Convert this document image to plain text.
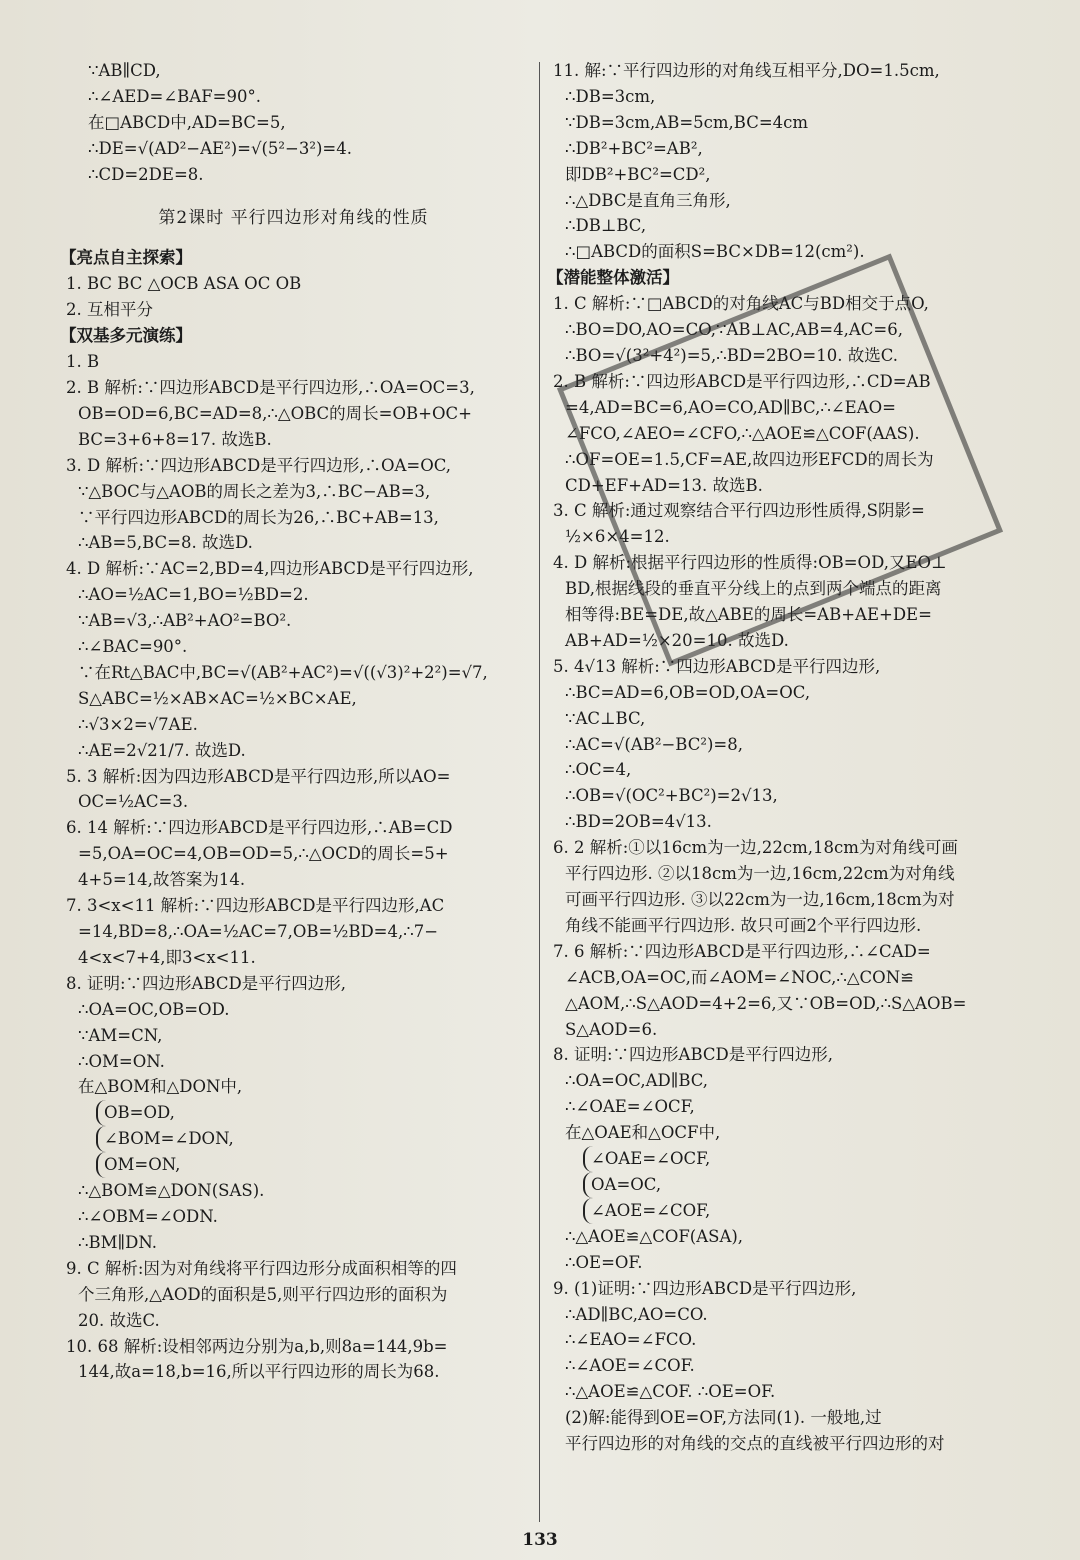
∵AB∥CD,
∴∠AED=∠BAF=90°.
在□ABCD中,AD=BC=5,
∴DE=√(AD²−AE²)=√(5²−3²)=4.
∴CD=2DE=8.
第2课时 平行四边形对角线的性质
【亮点自主探索】
1. BC BC △OCB ASA OC OB
2. 互相平分
【双基多元演练】
1. B
2. B 解析:∵四边形ABCD是平行四边形,∴OA=OC=3,
OB=OD=6,BC=AD=8,∴△OBC的周长=OB+OC+
BC=3+6+8=17. 故选B.
3. D 解析:∵四边形ABCD是平行四边形,∴OA=OC,
∵△BOC与△AOB的周长之差为3,∴BC−AB=3,
∵平行四边形ABCD的周长为26,∴BC+AB=13,
∴AB=5,BC=8. 故选D.
4. D 解析:∵AC=2,BD=4,四边形ABCD是平行四边形,
∴AO=½AC=1,BO=½BD=2.
∵AB=√3,∴AB²+AO²=BO².
∴∠BAC=90°.
∵在Rt△BAC中,BC=√(AB²+AC²)=√((√3)²+2²)=√7,
S△ABC=½×AB×AC=½×BC×AE,
∴√3×2=√7AE.
∴AE=2√21/7. 故选D.
5. 3 解析:因为四边形ABCD是平行四边形,所以AO=
OC=½AC=3.
6. 14 解析:∵四边形ABCD是平行四边形,∴AB=CD
=5,OA=OC=4,OB=OD=5,∴△OCD的周长=5+
4+5=14,故答案为14.
7. 3<x<11 解析:∵四边形ABCD是平行四边形,AC
=14,BD=8,∴OA=½AC=7,OB=½BD=4,∴7−
4<x<7+4,即3<x<11.
8. 证明:∵四边形ABCD是平行四边形,
∴OA=OC,OB=OD.
∵AM=CN,
∴OM=ON.
在△BOM和△DON中,
OB=OD,
∠BOM=∠DON,
OM=ON,
∴△BOM≌△DON(SAS).
∴∠OBM=∠ODN.
∴BM∥DN.
9. C 解析:因为对角线将平行四边形分成面积相等的四
个三角形,△AOD的面积是5,则平行四边形的面积为
20. 故选C.
10. 68 解析:设相邻两边分别为a,b,则8a=144,9b=
144,故a=18,b=16,所以平行四边形的周长为68.
11. 解:∵平行四边形的对角线互相平分,DO=1.5cm,
∴DB=3cm,
∵DB=3cm,AB=5cm,BC=4cm
∴DB²+BC²=AB²,
即DB²+BC²=CD²,
∴△DBC是直角三角形,
∴DB⊥BC,
∴□ABCD的面积S=BC×DB=12(cm²).
【潜能整体激活】
1. C 解析:∵□ABCD的对角线AC与BD相交于点O,
∴BO=DO,AO=CO,∵AB⊥AC,AB=4,AC=6,
∴BO=√(3²+4²)=5,∴BD=2BO=10. 故选C.
2. B 解析:∵四边形ABCD是平行四边形,∴CD=AB
=4,AD=BC=6,AO=CO,AD∥BC,∴∠EAO=
∠FCO,∠AEO=∠CFO,∴△AOE≌△COF(AAS).
∴OF=OE=1.5,CF=AE,故四边形EFCD的周长为
CD+EF+AD=13. 故选B.
3. C 解析:通过观察结合平行四边形性质得,S阴影=
½×6×4=12.
4. D 解析:根据平行四边形的性质得:OB=OD,又EO⊥
BD,根据线段的垂直平分线上的点到两个端点的距离
相等得:BE=DE,故△ABE的周长=AB+AE+DE=
AB+AD=½×20=10. 故选D.
5. 4√13 解析:∵四边形ABCD是平行四边形,
∴BC=AD=6,OB=OD,OA=OC,
∵AC⊥BC,
∴AC=√(AB²−BC²)=8,
∴OC=4,
∴OB=√(OC²+BC²)=2√13,
∴BD=2OB=4√13.
6. 2 解析:①以16cm为一边,22cm,18cm为对角线可画
平行四边形. ②以18cm为一边,16cm,22cm为对角线
可画平行四边形. ③以22cm为一边,16cm,18cm为对
角线不能画平行四边形. 故只可画2个平行四边形.
7. 6 解析:∵四边形ABCD是平行四边形,∴∠CAD=
∠ACB,OA=OC,而∠AOM=∠NOC,∴△CON≌
△AOM,∴S△AOD=4+2=6,又∵OB=OD,∴S△AOB=
S△AOD=6.
8. 证明:∵四边形ABCD是平行四边形,
∴OA=OC,AD∥BC,
∴∠OAE=∠OCF,
在△OAE和△OCF中,
∠OAE=∠OCF,
OA=OC,
∠AOE=∠COF,
∴△AOE≌△COF(ASA),
∴OE=OF.
9. (1)证明:∵四边形ABCD是平行四边形,
∴AD∥BC,AO=CO.
∴∠EAO=∠FCO.
∴∠AOE=∠COF.
∴△AOE≌△COF. ∴OE=OF.
(2)解:能得到OE=OF,方法同(1). 一般地,过
平行四边形的对角线的交点的直线被平行四边形的对
133
